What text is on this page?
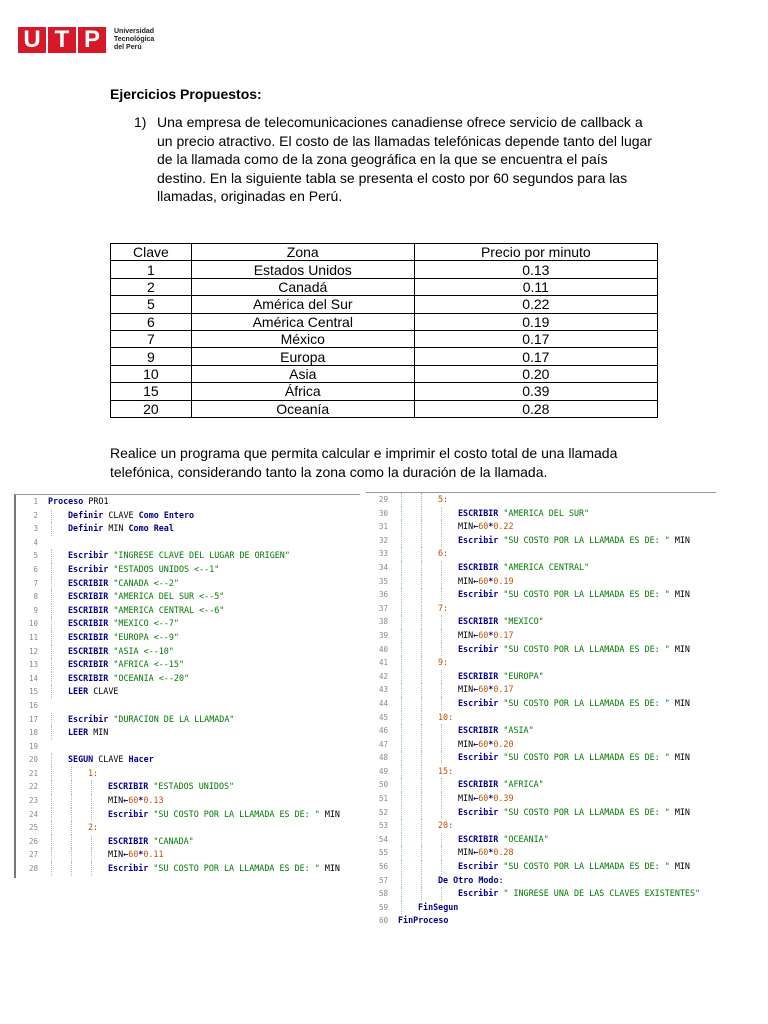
U T P	Universidad
Tecnológica
del Perú
Ejercicios Propuestos:
1) Una empresa de telecomunicaciones canadiense ofrece servicio de callback a un precio atractivo. El costo de las llamadas telefónicas depende tanto del lugar de la llamada como de la zona geográfica en la que se encuentra el país destino. En la siguiente tabla se presenta el costo por 60 segundos para las llamadas, originadas en Perú.
Clave	Zona	Precio por minuto
1	Estados Unidos	0.13
2	Canadá	0.11
5	América del Sur	0.22
6	América Central	0.19
7	México	0.17
9	Europa	0.17
10	Asia	0.20
15	África	0.39
20	Oceanía	0.28
Realice un programa que permita calcular e imprimir el costo total de una llamada telefónica, considerando tanto la zona como la duración de la llamada.
1 Proceso PRO1
2	Definir CLAVE Como Entero
3	Definir MIN Como Real
4
5	Escribir "INGRESE CLAVE DEL LUGAR DE ORIGEN"
6	Escribir "ESTADOS UNIDOS <--1"
7	ESCRIBIR "CANADA <--2"
8	ESCRIBIR "AMERICA DEL SUR <--5"
9	ESCRIBIR "AMERICA CENTRAL <--6"
10	ESCRIBIR "MEXICO <--7"
11	ESCRIBIR "EUROPA <--9"
12	ESCRIBIR "ASIA <--10"
13	ESCRIBIR "AFRICA <--15"
14	ESCRIBIR "OCEANIA <--20"
15	LEER CLAVE
16
17	Escribir "DURACION DE LA LLAMADA"
18	LEER MIN
19
20	SEGUN CLAVE Hacer
21	1:
22	ESCRIBIR "ESTADOS UNIDOS"
23	MIN←60*0.13
24	Escribir "SU COSTO POR LA LLAMADA ES DE: " MIN
25	2:
26	ESCRIBIR "CANADA"
27	MIN←60*0.11
28	Escribir "SU COSTO POR LA LLAMADA ES DE: " MIN
29	5:
30	ESCRIBIR "AMERICA DEL SUR"
31	MIN←60*0.22
32	Escribir "SU COSTO POR LA LLAMADA ES DE: " MIN
33	6:
34	ESCRIBIR "AMERICA CENTRAL"
35	MIN←60*0.19
36	Escribir "SU COSTO POR LA LLAMADA ES DE: " MIN
37	7:
38	ESCRIBIR "MEXICO"
39	MIN←60*0.17
40	Escribir "SU COSTO POR LA LLAMADA ES DE: " MIN
41	9:
42	ESCRIBIR "EUROPA"
43	MIN←60*0.17
44	Escribir "SU COSTO POR LA LLAMADA ES DE: " MIN
45	10:
46	ESCRIBIR "ASIA"
47	MIN←60*0.20
48	Escribir "SU COSTO POR LA LLAMADA ES DE: " MIN
49	15:
50	ESCRIBIR "AFRICA"
51	MIN←60*0.39
52	Escribir "SU COSTO POR LA LLAMADA ES DE: " MIN
53	20:
54	ESCRIBIR "OCEANIA"
55	MIN←60*0.28
56	Escribir "SU COSTO POR LA LLAMADA ES DE: " MIN
57	De Otro Modo:
58	Escribir " INGRESE UNA DE LAS CLAVES EXISTENTES"
59	FinSegun
60 FinProceso
